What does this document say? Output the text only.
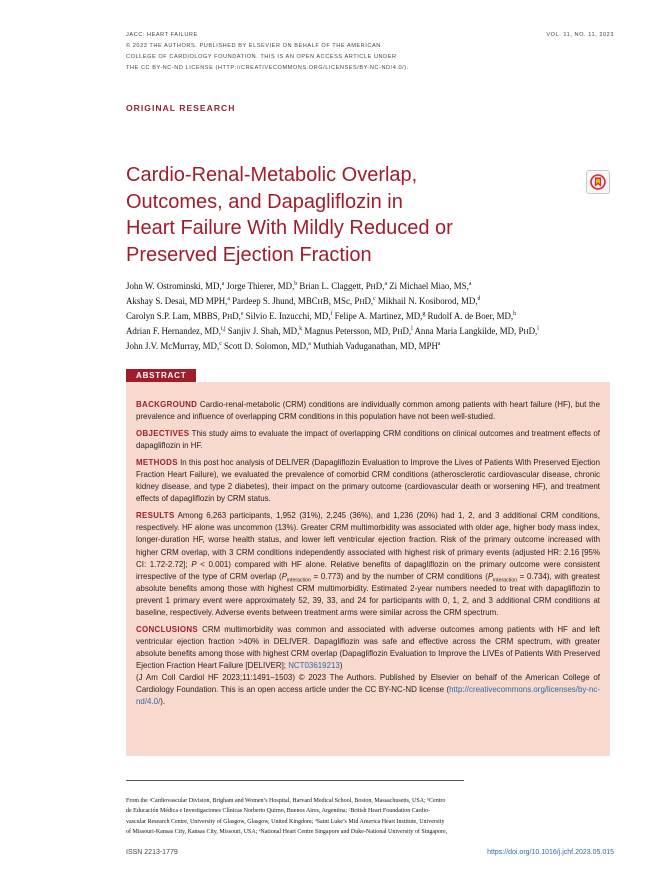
JACC: HEART FAILURE
© 2023 THE AUTHORS. PUBLISHED BY ELSEVIER ON BEHALF OF THE AMERICAN
COLLEGE OF CARDIOLOGY FOUNDATION. THIS IS AN OPEN ACCESS ARTICLE UNDER
THE CC BY-NC-ND LICENSE (HTTP://CREATIVECOMMONS.ORG/LICENSES/BY-NC-ND/4.0/).
VOL. 11, NO. 11, 2023
ORIGINAL RESEARCH
Cardio-Renal-Metabolic Overlap,
Outcomes, and Dapagliflozin in
Heart Failure With Mildly Reduced or
Preserved Ejection Fraction
John W. Ostrominski, MD,$^a$ Jorge Thierer, MD,$^b$ Brian L. Claggett, PHD,$^a$ Zi Michael Miao, MS,$^a$
Akshay S. Desai, MD MPH,$^a$ Pardeep S. Jhund, MBCHB, MSc, PHD,$^c$ Mikhail N. Kosiborod, MD,$^d$
Carolyn S.P. Lam, MBBS, PHD,$^e$ Silvio E. Inzucchi, MD,$^f$ Felipe A. Martinez, MD,$^g$ Rudolf A. de Boer, MD,$^h$
Adrian F. Hernandez, MD,$^{i,j}$ Sanjiv J. Shah, MD,$^k$ Magnus Petersson, MD, PHD,$^l$ Anna Maria Langkilde, MD, PHD,$^l$
John J.V. McMurray, MD,$^c$ Scott D. Solomon, MD,$^a$ Muthiah Vaduganathan, MD, MPH$^a$
ABSTRACT

BACKGROUND Cardio-renal-metabolic (CRM) conditions are individually common among patients with heart failure (HF), but the prevalence and influence of overlapping CRM conditions in this population have not been well-studied.

OBJECTIVES This study aims to evaluate the impact of overlapping CRM conditions on clinical outcomes and treatment effects of dapagliflozin in HF.

METHODS In this post hoc analysis of DELIVER (Dapagliflozin Evaluation to Improve the Lives of Patients With Preserved Ejection Fraction Heart Failure), we evaluated the prevalence of comorbid CRM conditions (atherosclerotic cardiovascular disease, chronic kidney disease, and type 2 diabetes), their impact on the primary outcome (cardiovascular death or worsening HF), and treatment effects of dapagliflozin by CRM status.

RESULTS Among 6,263 participants, 1,952 (31%), 2,245 (36%), and 1,236 (20%) had 1, 2, and 3 additional CRM conditions, respectively. HF alone was uncommon (13%). Greater CRM multimorbidity was associated with older age, higher body mass index, longer-duration HF, worse health status, and lower left ventricular ejection fraction. Risk of the primary outcome increased with higher CRM overlap, with 3 CRM conditions independently associated with highest risk of primary events (adjusted HR: 2.16 [95% CI: 1.72-2.72]; P < 0.001) compared with HF alone. Relative benefits of dapagliflozin on the primary outcome were consistent irrespective of the type of CRM overlap $(P_{interaction} = 0.773)$ and by the number of CRM conditions $(P_{interaction} = 0.734)$, with greatest absolute benefits among those with highest CRM multimorbidity. Estimated 2-year numbers needed to treat with dapagliflozin to prevent 1 primary event were approximately 52, 39, 33, and 24 for participants with 0, 1, 2, and 3 additional CRM conditions at baseline, respectively. Adverse events between treatment arms were similar across the CRM spectrum.

CONCLUSIONS CRM multimorbidity was common and associated with adverse outcomes among patients with HF and left ventricular ejection fraction >40% in DELIVER. Dapagliflozin was safe and effective across the CRM spectrum, with greater absolute benefits among those with highest CRM overlap (Dapagliflozin Evaluation to Improve the LIVEs of Patients With Preserved Ejection Fraction Heart Failure [DELIVER]; NCT03619213)

(J Am Coll Cardiol HF 2023;11:1491–1503) © 2023 The Authors. Published by Elsevier on behalf of the American College of Cardiology Foundation. This is an open access article under the CC BY-NC-ND license (http://creativecommons.org/licenses/by-nc-nd/4.0/).

From the ᵃCardiovascular Division, Brigham and Women’s Hospital, Harvard Medical School, Boston, Massachusetts, USA; ᵇCentro
de Educación Médica e Investigaciones Clínicas Norberto Quirno, Buenos Aires, Argentina; ᶜBritish Heart Foundation Cardio-
vascular Research Centre, University of Glasgow, Glasgow, United Kingdom; ᵈSaint Luke’s Mid America Heart Institute, University
of Missouri-Kansas City, Kansas City, Missouri, USA; ᵉNational Heart Centre Singapore and Duke-National University of Singapore,
ISSN 2213-1779	https://doi.org/10.1016/j.jchf.2023.05.015
